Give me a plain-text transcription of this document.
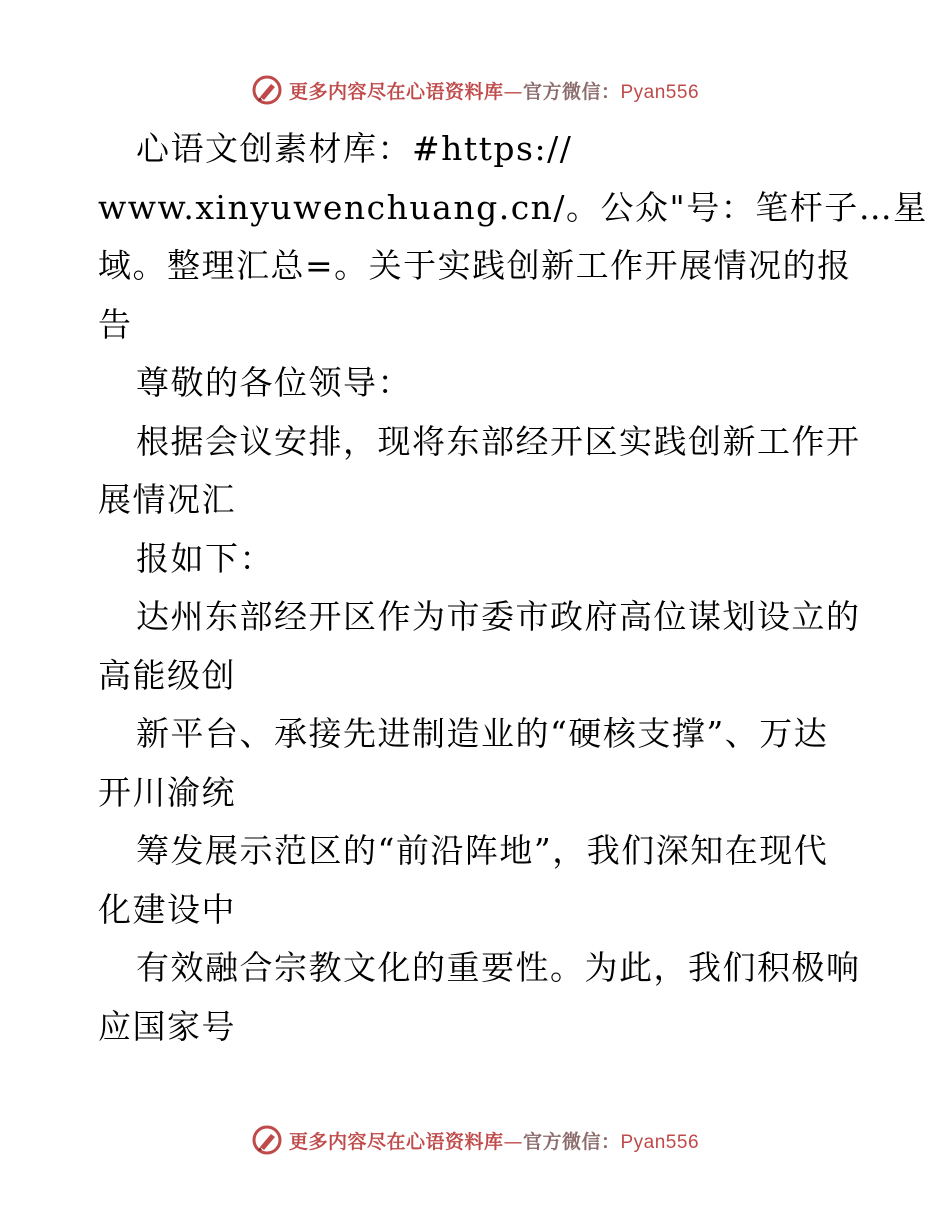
更多内容尽在心语资料库—官方微信：Pyan556
心语文创素材库：#https://
www.xinyuwenchuang.cn/。公众"号：笔杆子…星
域。整理汇总=。关于实践创新工作开展情况的报
告
尊敬的各位领导：
根据会议安排，现将东部经开区实践创新工作开
展情况汇
报如下：
达州东部经开区作为市委市政府高位谋划设立的
高能级创
新平台、承接先进制造业的“硬核支撑”、万达
开川渝统
筹发展示范区的“前沿阵地”，我们深知在现代
化建设中
有效融合宗教文化的重要性。为此，我们积极响
应国家号
更多内容尽在心语资料库—官方微信：Pyan556
